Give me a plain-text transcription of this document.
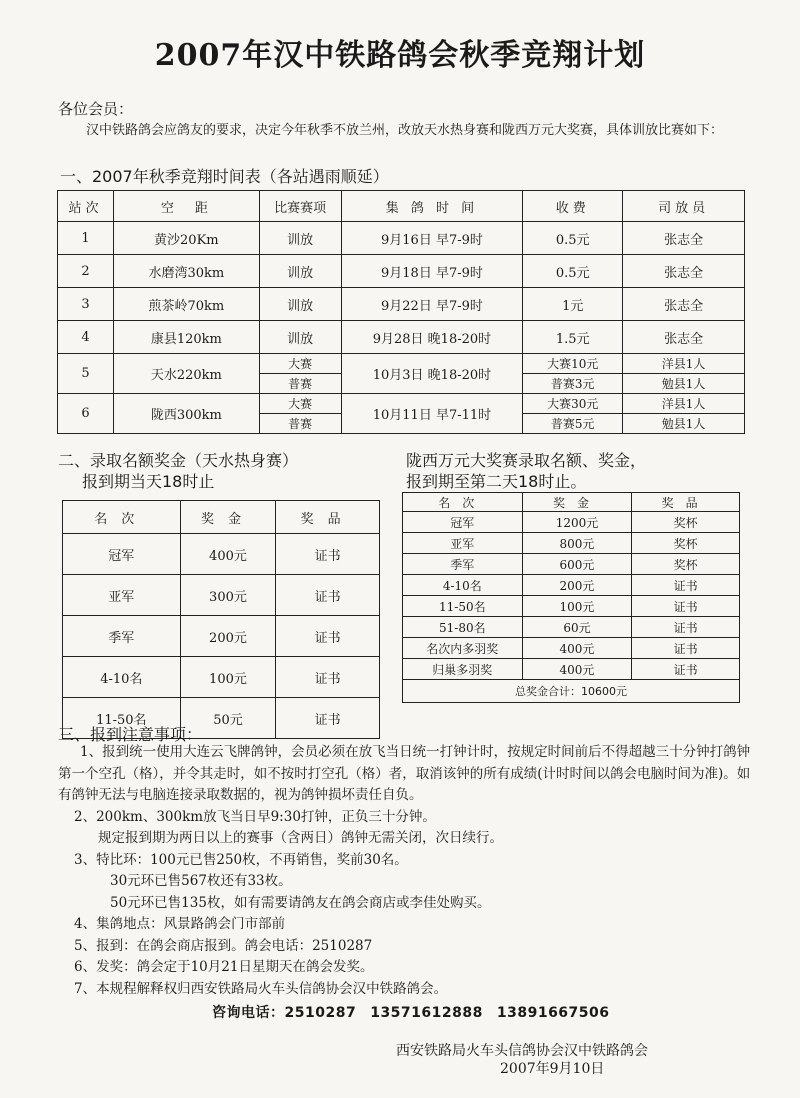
2007年汉中铁路鸽会秋季竞翔计划
各位会员：
汉中铁路鸽会应鸽友的要求，决定今年秋季不放兰州，改放天水热身赛和陇西万元大奖赛，具体训放比赛如下：
一、2007年秋季竞翔时间表（各站遇雨顺延）
站次	空　距	比赛赛项	集 鸽 时 间	收费	司放员
1	黄沙20Km	训放	9月16日 早7-9时	0.5元	张志全
2	水磨湾30km	训放	9月18日 早7-9时	0.5元	张志全
3	煎茶岭70km	训放	9月22日 早7-9时	1元	张志全
4	康县120km	训放	9月28日 晚18-20时	1.5元	张志全
5	天水220km	大赛	10月3日 晚18-20时	大赛10元	洋县1人
		普赛		普赛3元	勉县1人
6	陇西300km	大赛	10月11日 早7-11时	大赛30元	洋县1人
		普赛		普赛5元	勉县1人
二、录取名额奖金（天水热身赛）
报到期当天18时止
陇西万元大奖赛录取名额、奖金，
报到期至第二天18时止。
名次	奖金	奖品
冠军	400元	证书
亚军	300元	证书
季军	200元	证书
4-10名	100元	证书
11-50名	50元	证书
名次	奖金	奖品
冠军	1200元	奖杯
亚军	800元	奖杯
季军	600元	奖杯
4-10名	200元	证书
11-50名	100元	证书
51-80名	60元	证书
名次内多羽奖	400元	证书
归巢多羽奖	400元	证书
总奖金合计：10600元		
三、报到注意事项：

1、报到统一使用大连云飞牌鸽钟，会员必须在放飞当日统一打钟计时，按规定时间前后不得超越三十分钟打鸽钟第一个空孔（格），并令其走时，如不按时打空孔（格）者，取消该钟的所有成绩(计时时间以鸽会电脑时间为准)。如有鸽钟无法与电脑连接录取数据的，视为鸽钟损坏责任自负。

2、200km、300km放飞当日早9:30打钟，正负三十分钟。

规定报到期为两日以上的赛事（含两日）鸽钟无需关闭，次日续行。

3、特比环：100元已售250枚，不再销售，奖前30名。

30元环已售567枚还有33枚。

50元环已售135枚，如有需要请鸽友在鸽会商店或李佳处购买。

4、集鸽地点：风景路鸽会门市部前

5、报到：在鸽会商店报到。鸽会电话：2510287

6、发奖：鸽会定于10月21日星期天在鸽会发奖。

7、本规程解释权归西安铁路局火车头信鸽协会汉中铁路鸽会。

咨询电话：2510287 13571612888 13891667506
西安铁路局火车头信鸽协会汉中铁路鸽会
2007年9月10日
